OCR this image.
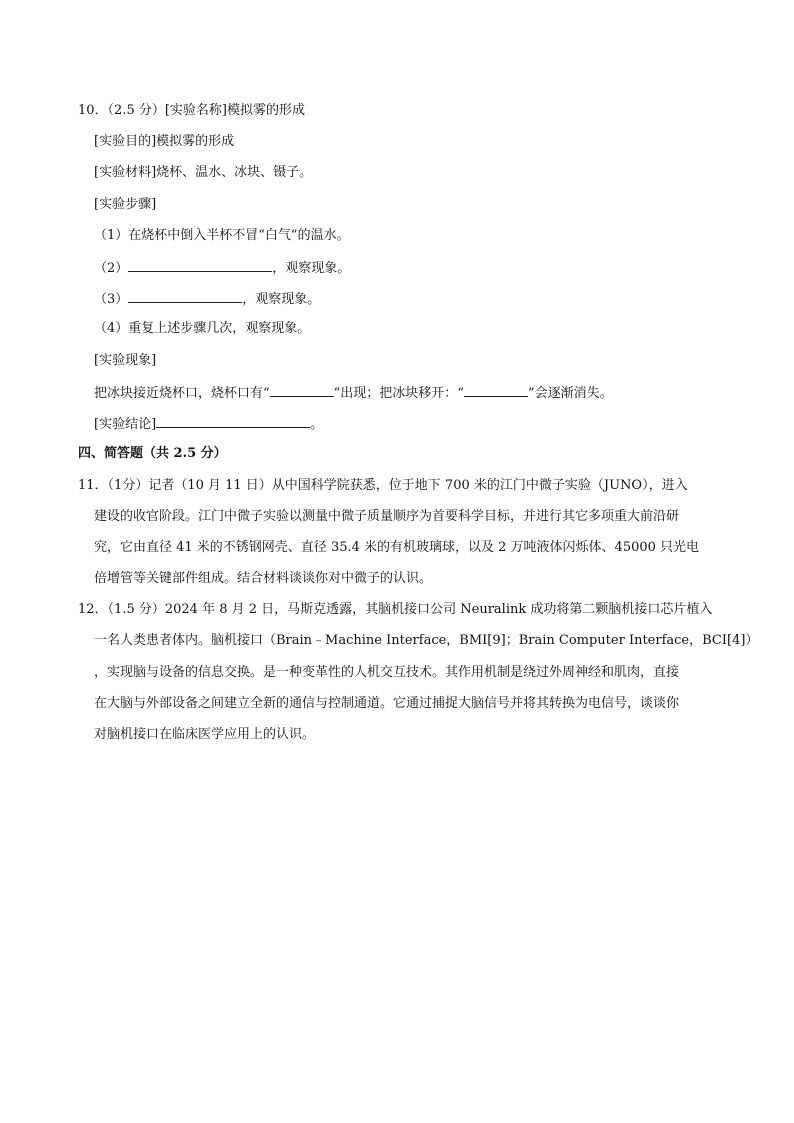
10．（2.5 分）[实验名称]模拟雾的形成
[实验目的]模拟雾的形成
[实验材料]烧杯、温水、冰块、镊子。
[实验步骤]
（1）在烧杯中倒入半杯不冒“白气”的温水。
（2）	，观察现象。
（3）	，观察现象。
（4）重复上述步骤几次，观察现象。
[实验现象]
把冰块接近烧杯口，烧杯口有“	”出现；把冰块移开：“	”会逐渐消失。
[实验结论]	。
四、简答题（共 2.5 分）
11．（1分）记者（10 月 11 日）从中国科学院获悉，位于地下 700 米的江门中微子实验（JUNO），进入
建设的收官阶段。江门中微子实验以测量中微子质量顺序为首要科学目标，并进行其它多项重大前沿研
究，它由直径 41 米的不锈钢网壳、直径 35.4 米的有机玻璃球，以及 2 万吨液体闪烁体、45000 只光电
倍增管等关键部件组成。结合材料谈谈你对中微子的认识。
12．（1.5 分）2024 年 8 月 2 日，马斯克透露，其脑机接口公司 Neuralink 成功将第二颗脑机接口芯片植入
一名人类患者体内。脑机接口（Brain﹣Machine Interface，BMI[9]；Brain Computer Interface，BCI[4]）
，实现脑与设备的信息交换。是一种变革性的人机交互技术。其作用机制是绕过外周神经和肌肉，直接
在大脑与外部设备之间建立全新的通信与控制通道。它通过捕捉大脑信号并将其转换为电信号，谈谈你
对脑机接口在临床医学应用上的认识。
